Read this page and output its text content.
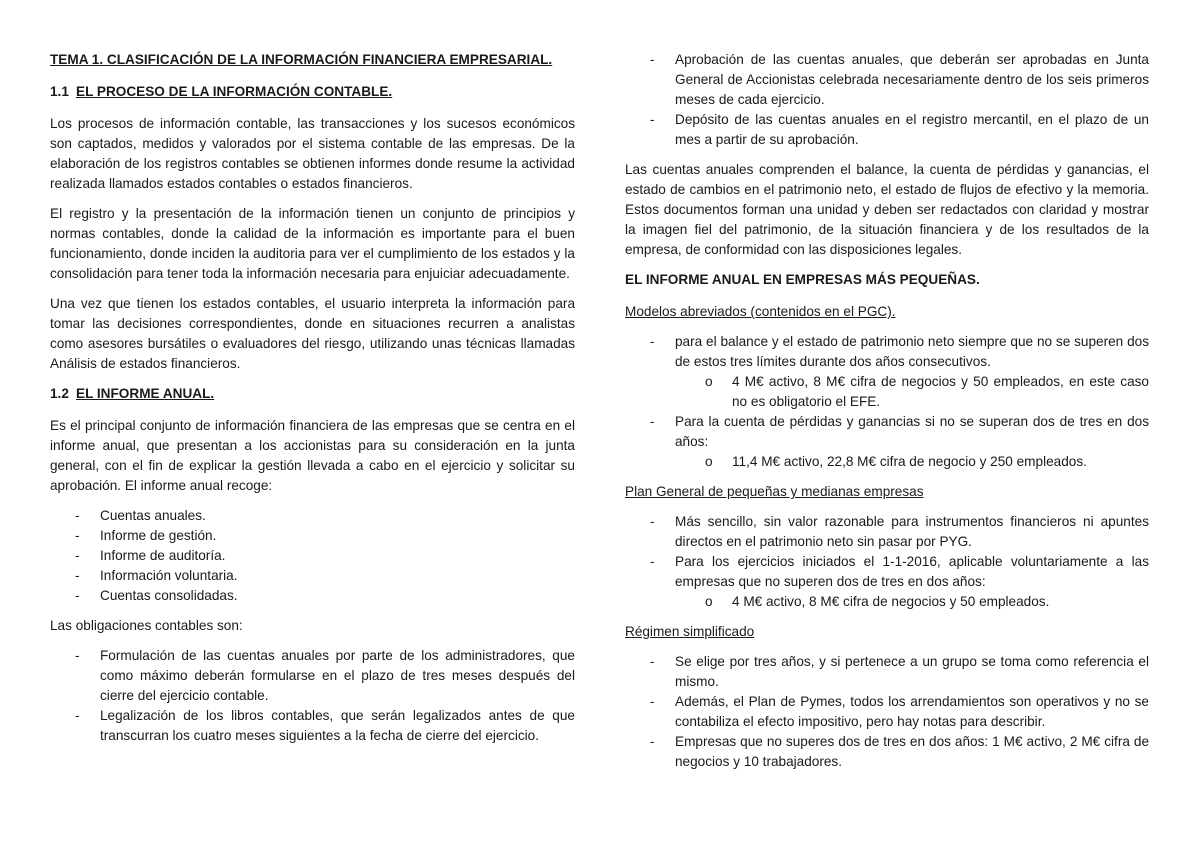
TEMA 1. CLASIFICACIÓN DE LA INFORMACIÓN FINANCIERA EMPRESARIAL.
1.1 EL PROCESO DE LA INFORMACIÓN CONTABLE.

Los procesos de información contable, las transacciones y los sucesos económicos son captados, medidos y valorados por el sistema contable de las empresas. De la elaboración de los registros contables se obtienen informes donde resume la actividad realizada llamados estados contables o estados financieros.

El registro y la presentación de la información tienen un conjunto de principios y normas contables, donde la calidad de la información es importante para el buen funcionamiento, donde inciden la auditoria para ver el cumplimiento de los estados y la consolidación para tener toda la información necesaria para enjuiciar adecuadamente.

Una vez que tienen los estados contables, el usuario interpreta la información para tomar las decisiones correspondientes, donde en situaciones recurren a analistas como asesores bursátiles o evaluadores del riesgo, utilizando unas técnicas llamadas Análisis de estados financieros.

1.2 EL INFORME ANUAL.

Es el principal conjunto de información financiera de las empresas que se centra en el informe anual, que presentan a los accionistas para su consideración en la junta general, con el fin de explicar la gestión llevada a cabo en el ejercicio y solicitar su aprobación. El informe anual recoge:

- Cuentas anuales.
- Informe de gestión.
- Informe de auditoría.
- Información voluntaria.
- Cuentas consolidadas.

Las obligaciones contables son:

- Formulación de las cuentas anuales por parte de los administradores, que como máximo deberán formularse en el plazo de tres meses después del cierre del ejercicio contable.
- Legalización de los libros contables, que serán legalizados antes de que transcurran los cuatro meses siguientes a la fecha de cierre del ejercicio.
- Aprobación de las cuentas anuales, que deberán ser aprobadas en Junta General de Accionistas celebrada necesariamente dentro de los seis primeros meses de cada ejercicio.
- Depósito de las cuentas anuales en el registro mercantil, en el plazo de un mes a partir de su aprobación.

Las cuentas anuales comprenden el balance, la cuenta de pérdidas y ganancias, el estado de cambios en el patrimonio neto, el estado de flujos de efectivo y la memoria. Estos documentos forman una unidad y deben ser redactados con claridad y mostrar la imagen fiel del patrimonio, de la situación financiera y de los resultados de la empresa, de conformidad con las disposiciones legales.

EL INFORME ANUAL EN EMPRESAS MÁS PEQUEÑAS.
Modelos abreviados (contenidos en el PGC).
- para el balance y el estado de patrimonio neto siempre que no se superen dos de estos tres límites durante dos años consecutivos.
o 4 M€ activo, 8 M€ cifra de negocios y 50 empleados, en este caso no es obligatorio el EFE.
- Para la cuenta de pérdidas y ganancias si no se superan dos de tres en dos años:
o 11,4 M€ activo, 22,8 M€ cifra de negocio y 250 empleados.
Plan General de pequeñas y medianas empresas
- Más sencillo, sin valor razonable para instrumentos financieros ni apuntes directos en el patrimonio neto sin pasar por PYG.
- Para los ejercicios iniciados el 1-1-2016, aplicable voluntariamente a las empresas que no superen dos de tres en dos años:
o 4 M€ activo, 8 M€ cifra de negocios y 50 empleados.
Régimen simplificado
- Se elige por tres años, y si pertenece a un grupo se toma como referencia el mismo.
- Además, el Plan de Pymes, todos los arrendamientos son operativos y no se contabiliza el efecto impositivo, pero hay notas para describir.
- Empresas que no superes dos de tres en dos años: 1 M€ activo, 2 M€ cifra de negocios y 10 trabajadores.
